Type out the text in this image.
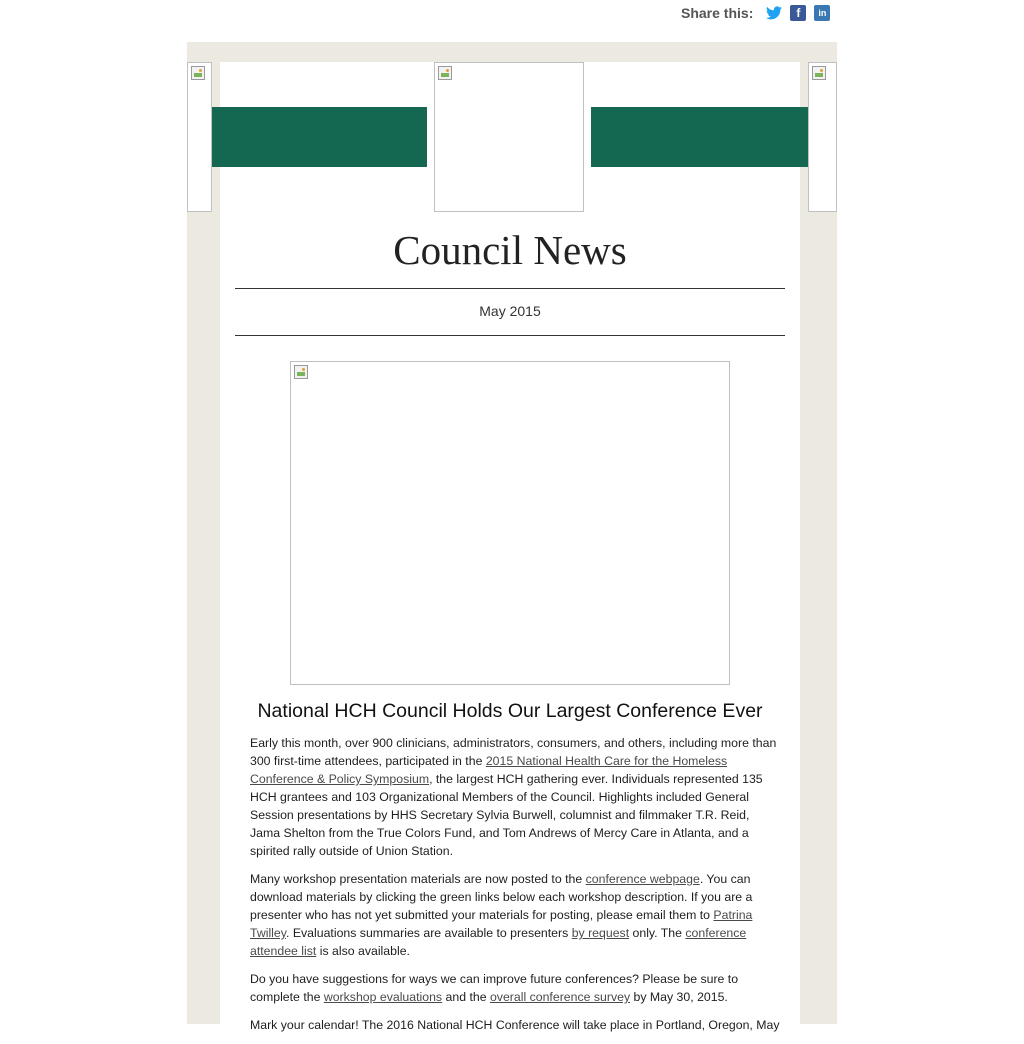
Share this:	f	in
Council News
May 2015
National HCH Council Holds Our Largest Conference Ever

Early this month, over 900 clinicians, administrators, consumers, and others, including more than 300 first-time attendees, participated in the 2015 National Health Care for the Homeless Conference & Policy Symposium, the largest HCH gathering ever. Individuals represented 135 HCH grantees and 103 Organizational Members of the Council. Highlights included General Session presentations by HHS Secretary Sylvia Burwell, columnist and filmmaker T.R. Reid, Jama Shelton from the True Colors Fund, and Tom Andrews of Mercy Care in Atlanta, and a spirited rally outside of Union Station.

Many workshop presentation materials are now posted to the conference webpage. You can download materials by clicking the green links below each workshop description. If you are a presenter who has not yet submitted your materials for posting, please email them to Patrina Twilley. Evaluations summaries are available to presenters by request only. The conference attendee list is also available.

Do you have suggestions for ways we can improve future conferences? Please be sure to complete the workshop evaluations and the overall conference survey by May 30, 2015.

Mark your calendar! The 2016 National HCH Conference will take place in Portland, Oregon, May
